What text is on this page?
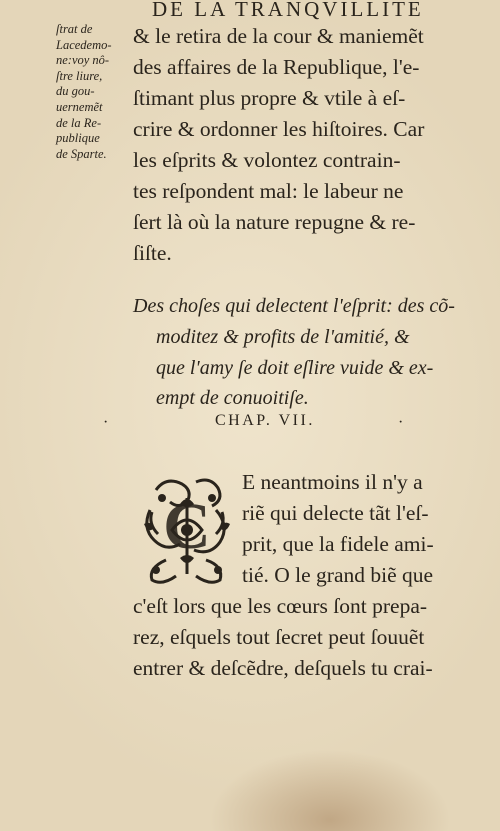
DE LA TRANQVILLITE
ſtrat de
Lacedemo-
ne:voy nô-
ſtre liure,
du gou-
uernemẽt
de la Re-
publique
de Sparte.
& le retira de la cour & maniemẽt
des affaires de la Republique, l'e-
ſtimant plus propre & vtile à eſ-
crire & ordonner les hiſtoires. Car
les eſprits & volontez contrain-
tes reſpondent mal: le labeur ne
ſert là où la nature repugne & re-
ſiſte.
Des choſes qui delectent l'eſprit: des cõ-
moditez & profits de l'amitié, &
que l'amy ſe doit eſlire vuide & ex-
empt de conuoitiſe.
·	·
CHAP. VII.
C
E neantmoins il n'y a
riẽ qui delecte tãt l'eſ-
prit, que la fidele ami-
tié. O le grand biẽ que
c'eſt lors que les cœurs ſont prepa-
rez, eſquels tout ſecret peut ſouuẽt
entrer & deſcẽdre, deſquels tu crai-
